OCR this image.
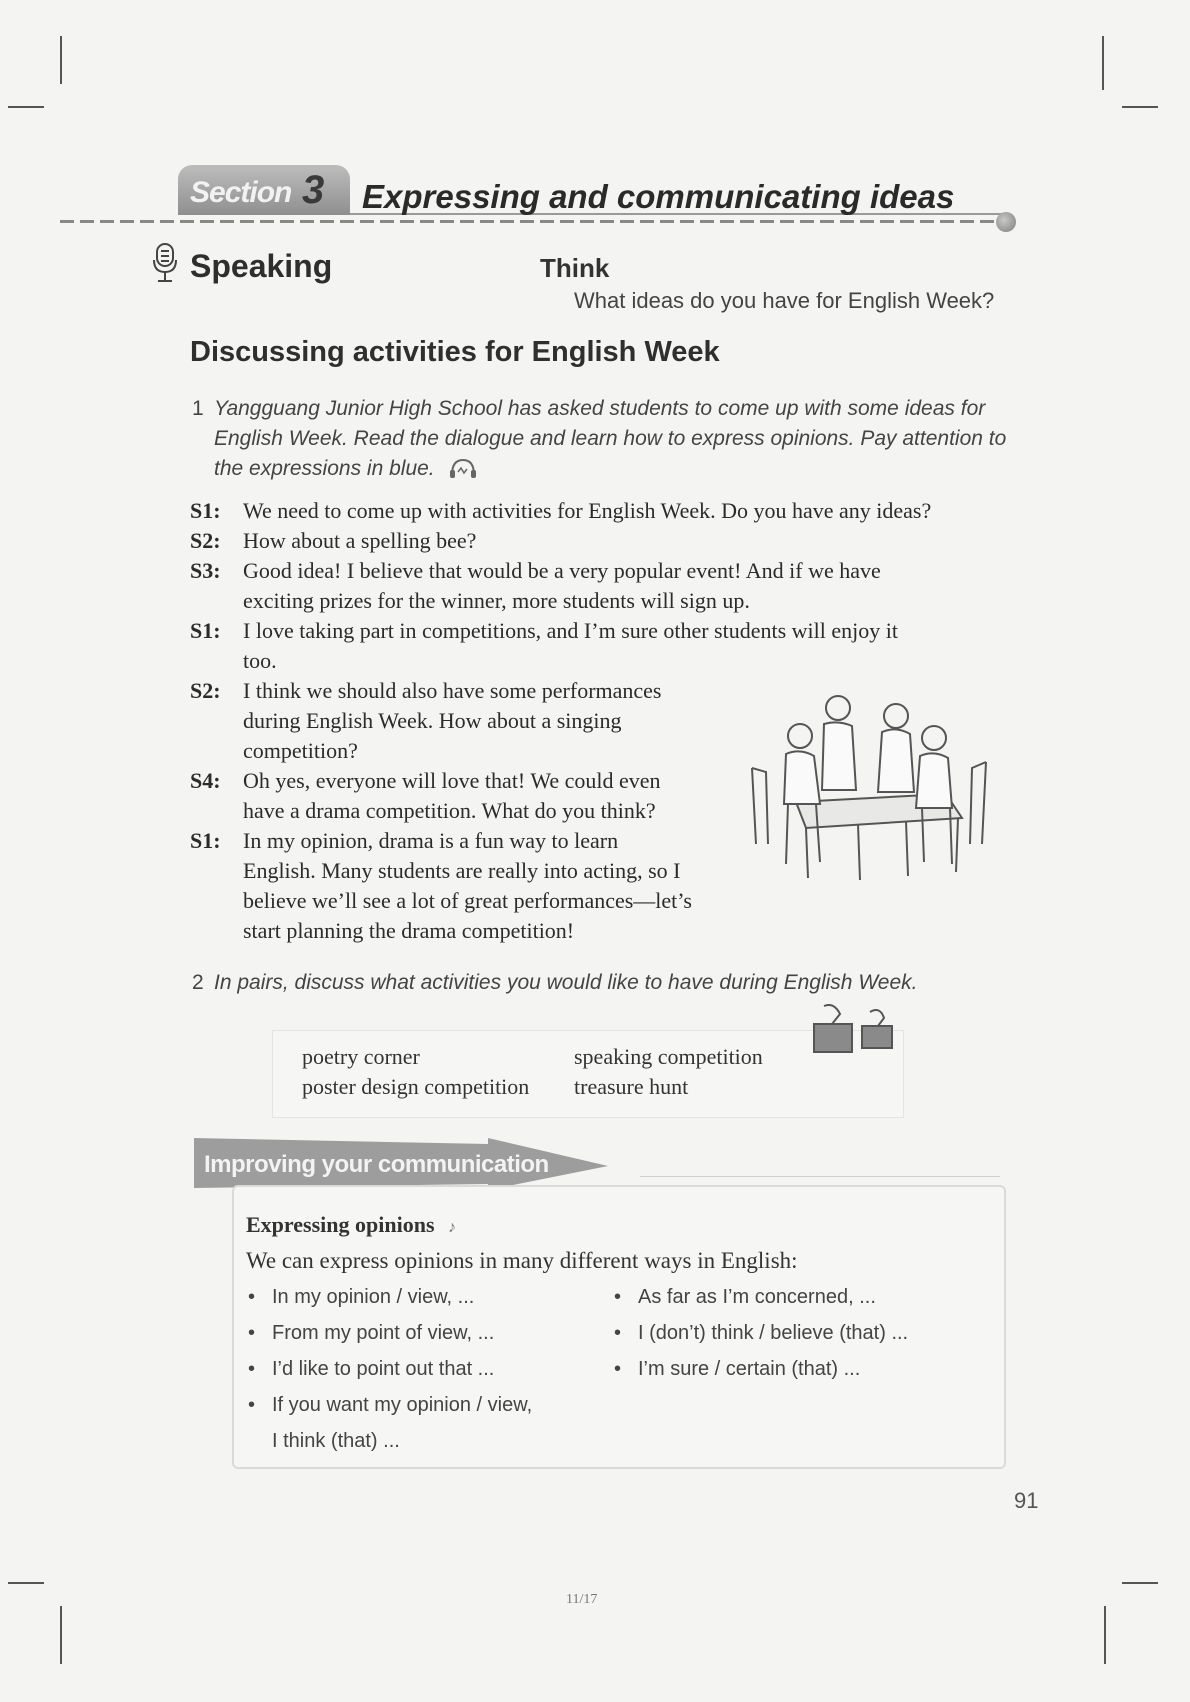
Section 3 Expressing and communicating ideas
Speaking	Think
What ideas do you have for English Week?
Discussing activities for English Week
1 Yangguang Junior High School has asked students to come up with some ideas for
English Week. Read the dialogue and learn how to express opinions. Pay attention to
the expressions in blue.
S1: We need to come up with activities for English Week. Do you have any ideas?
S2: How about a spelling bee?
S3: Good idea! I believe that would be a very popular event! And if we have
exciting prizes for the winner, more students will sign up.
S1: I love taking part in competitions, and I’m sure other students will enjoy it
too.
S2: I think we should also have some performances
during English Week. How about a singing
competition?
S4: Oh yes, everyone will love that! We could even
have a drama competition. What do you think?
S1: In my opinion, drama is a fun way to learn
English. Many students are really into acting, so I
believe we’ll see a lot of great performances—let’s
start planning the drama competition!
2 In pairs, discuss what activities you would like to have during English Week.
poetry corner	speaking competition
poster design competition treasure hunt
Improving your communication
Expressing opinions ♪
We can express opinions in many different ways in English:
• In my opinion / view, ...
• From my point of view, ...
• I’d like to point out that ...
• If you want my opinion / view,
I think (that) ...
• As far as I’m concerned, ...
• I (don’t) think / believe (that) ...
• I’m sure / certain (that) ...
91
11/17
